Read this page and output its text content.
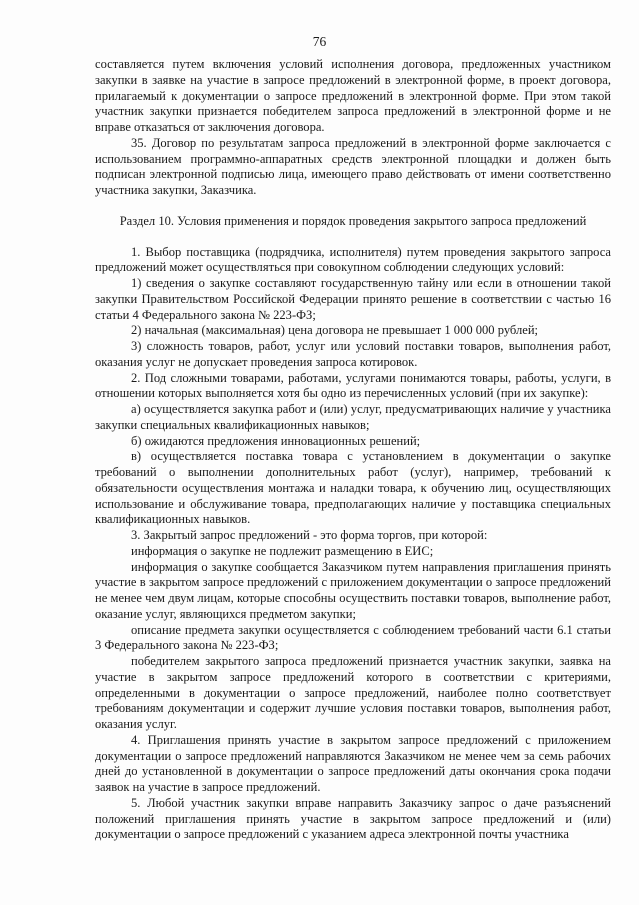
76

составляется путем включения условий исполнения договора, предложенных участником закупки в заявке на участие в запросе предложений в электронной форме, в проект договора, прилагаемый к документации о запросе предложений в электронной форме. При этом такой участник закупки признается победителем запроса предложений в электронной форме и не вправе отказаться от заключения договора.

35. Договор по результатам запроса предложений в электронной форме заключается с использованием программно-аппаратных средств электронной площадки и должен быть подписан электронной подписью лица, имеющего право действовать от имени соответственно участника закупки, Заказчика.

Раздел 10. Условия применения и порядок проведения закрытого запроса предложений

1. Выбор поставщика (подрядчика, исполнителя) путем проведения закрытого запроса предложений может осуществляться при совокупном соблюдении следующих условий:

1) сведения о закупке составляют государственную тайну или если в отношении такой закупки Правительством Российской Федерации принято решение в соответствии с частью 16 статьи 4 Федерального закона № 223-ФЗ;

2) начальная (максимальная) цена договора не превышает 1 000 000 рублей;

3) сложность товаров, работ, услуг или условий поставки товаров, выполнения работ, оказания услуг не допускает проведения запроса котировок.

2. Под сложными товарами, работами, услугами понимаются товары, работы, услуги, в отношении которых выполняется хотя бы одно из перечисленных условий (при их закупке):

а) осуществляется закупка работ и (или) услуг, предусматривающих наличие у участника закупки специальных квалификационных навыков;

б) ожидаются предложения инновационных решений;

в) осуществляется поставка товара с установлением в документации о закупке требований о выполнении дополнительных работ (услуг), например, требований к обязательности осуществления монтажа и наладки товара, к обучению лиц, осуществляющих использование и обслуживание товара, предполагающих наличие у поставщика специальных квалификационных навыков.

3. Закрытый запрос предложений - это форма торгов, при которой:

информация о закупке не подлежит размещению в ЕИС;

информация о закупке сообщается Заказчиком путем направления приглашения принять участие в закрытом запросе предложений с приложением документации о запросе предложений не менее чем двум лицам, которые способны осуществить поставки товаров, выполнение работ, оказание услуг, являющихся предметом закупки;

описание предмета закупки осуществляется с соблюдением требований части 6.1 статьи 3 Федерального закона № 223-ФЗ;

победителем закрытого запроса предложений признается участник закупки, заявка на участие в закрытом запросе предложений которого в соответствии с критериями, определенными в документации о запросе предложений, наиболее полно соответствует требованиям документации и содержит лучшие условия поставки товаров, выполнения работ, оказания услуг.

4. Приглашения принять участие в закрытом запросе предложений с приложением документации о запросе предложений направляются Заказчиком не менее чем за семь рабочих дней до установленной в документации о запросе предложений даты окончания срока подачи заявок на участие в запросе предложений.

5. Любой участник закупки вправе направить Заказчику запрос о даче разъяснений положений приглашения принять участие в закрытом запросе предложений и (или) документации о запросе предложений с указанием адреса электронной почты участника
